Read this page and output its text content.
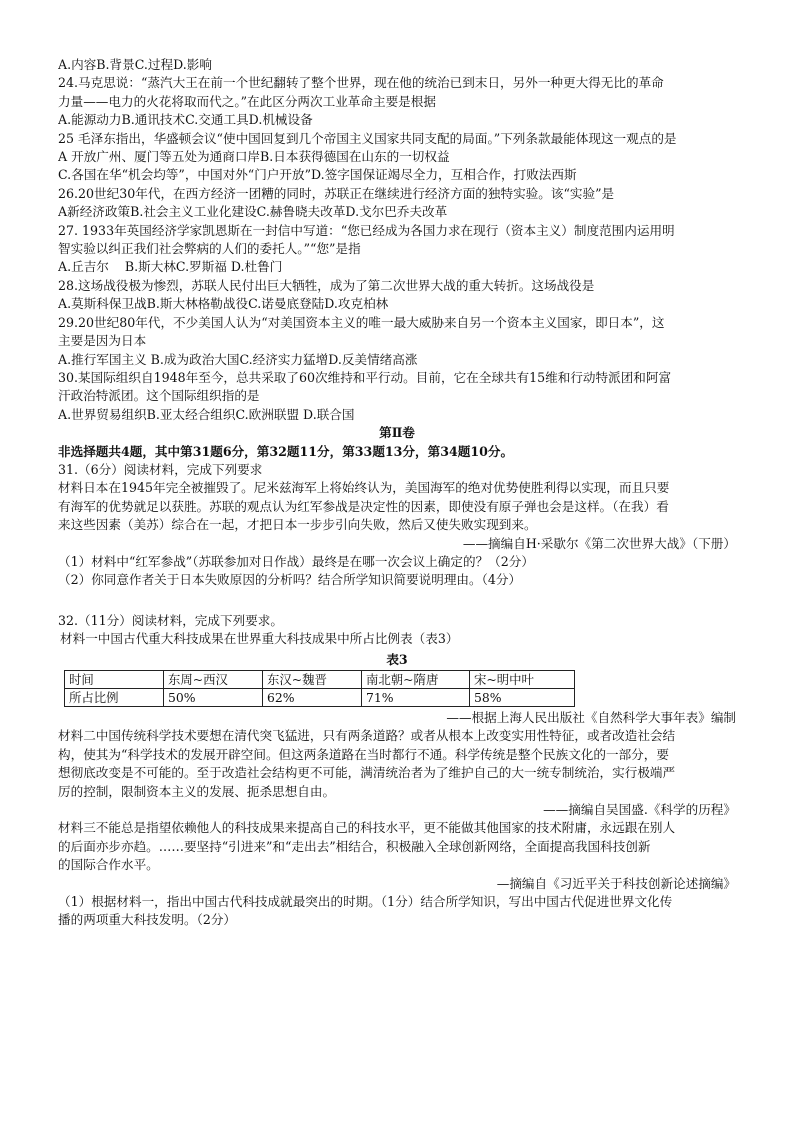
A.内容B.背景C.过程D.影响
24.马克思说：“蒸汽大王在前一个世纪翻转了整个世界，现在他的统治已到末日，另外一种更大得无比的革命
力量——电力的火花将取而代之。”在此区分两次工业革命主要是根据
A.能源动力B.通讯技术C.交通工具D.机械设备
25 毛泽东指出，华盛顿会议“使中国回复到几个帝国主义国家共同支配的局面。”下列条款最能体现这一观点的是
A 开放广州、厦门等五处为通商口岸B.日本获得德国在山东的一切权益
C.各国在华“机会均等”，中国对外“门户开放”D.签字国保证竭尽全力，互相合作，打败法西斯
26.20世纪30年代，在西方经济一团糟的同时，苏联正在继续进行经济方面的独特实验。该“实验”是
A新经济政策B.社会主义工业化建设C.赫鲁晓夫改革D.戈尔巴乔夫改革
27. 1933年英国经济学家凯恩斯在一封信中写道：“您已经成为各国力求在现行（资本主义）制度范围内运用明
智实验以纠正我们社会弊病的人们的委托人。”“您”是指
A.丘吉尔    B.斯大林C.罗斯福 D.杜鲁门
28.这场战役极为惨烈，苏联人民付出巨大牺牲，成为了第二次世界大战的重大转折。这场战役是
A.莫斯科保卫战B.斯大林格勒战役C.诺曼底登陆D.攻克柏林
29.20世纪80年代，不少美国人认为“对美国资本主义的唯一最大威胁来自另一个资本主义国家，即日本”，这
主要是因为日本
A.推行军国主义 B.成为政治大国C.经济实力猛增D.反美情绪高涨
30.某国际组织自1948年至今，总共采取了60次维持和平行动。目前，它在全球共有15维和行动特派团和阿富
汗政治特派团。这个国际组织指的是
A.世界贸易组织B.亚太经合组织C.欧洲联盟 D.联合国
第Ⅱ卷
非选择题共4题，其中第31题6分，第32题11分，第33题13分，第34题10分。
31.（6分）阅读材料，完成下列要求
材料日本在1945年完全被摧毁了。尼米兹海军上将始终认为，美国海军的绝对优势使胜利得以实现，而且只要
有海军的优势就足以获胜。苏联的观点认为红军参战是决定性的因素，即使没有原子弹也会是这样。（在我）看
来这些因素（美苏）综合在一起，才把日本一步步引向失败，然后又使失败实现到来。
——摘编自H·采歇尔《第二次世界大战》（下册）
（1）材料中“红军参战”（苏联参加对日作战）最终是在哪一次会议上确定的？（2分）
（2）你同意作者关于日本失败原因的分析吗？结合所学知识简要说明理由。（4分）
32.（11分）阅读材料，完成下列要求。
材料一中国古代重大科技成果在世界重大科技成果中所占比例表（表3）
表3
时间	东周~西汉	东汉~魏晋	南北朝~隋唐	宋~明中叶
所占比例	50%	62%	71%	58%
——根据上海人民出版社《自然科学大事年表》编制
材料二中国传统科学技术要想在清代突飞猛进，只有两条道路？或者从根本上改变实用性特征，或者改造社会结
构，使其为“科学技术的发展开辟空间。但这两条道路在当时都行不通。科学传统是整个民族文化的一部分，要
想彻底改变是不可能的。至于改造社会结构更不可能，满清统治者为了维护自己的大一统专制统治，实行极端严
厉的控制，限制资本主义的发展、扼杀思想自由。
——摘编自吴国盛.《科学的历程》
材料三不能总是指望依赖他人的科技成果来提高自己的科技水平，更不能做其他国家的技术附庸，永远跟在别人
的后面亦步亦趋。……要坚持“引进来”和“走出去”相结合，积极融入全球创新网络，全面提高我国科技创新
的国际合作水平。
—摘编自《习近平关于科技创新论述摘编》
（1）根据材料一，指出中国古代科技成就最突出的时期。（1分）结合所学知识，写出中国古代促进世界文化传
播的两项重大科技发明。（2分）
